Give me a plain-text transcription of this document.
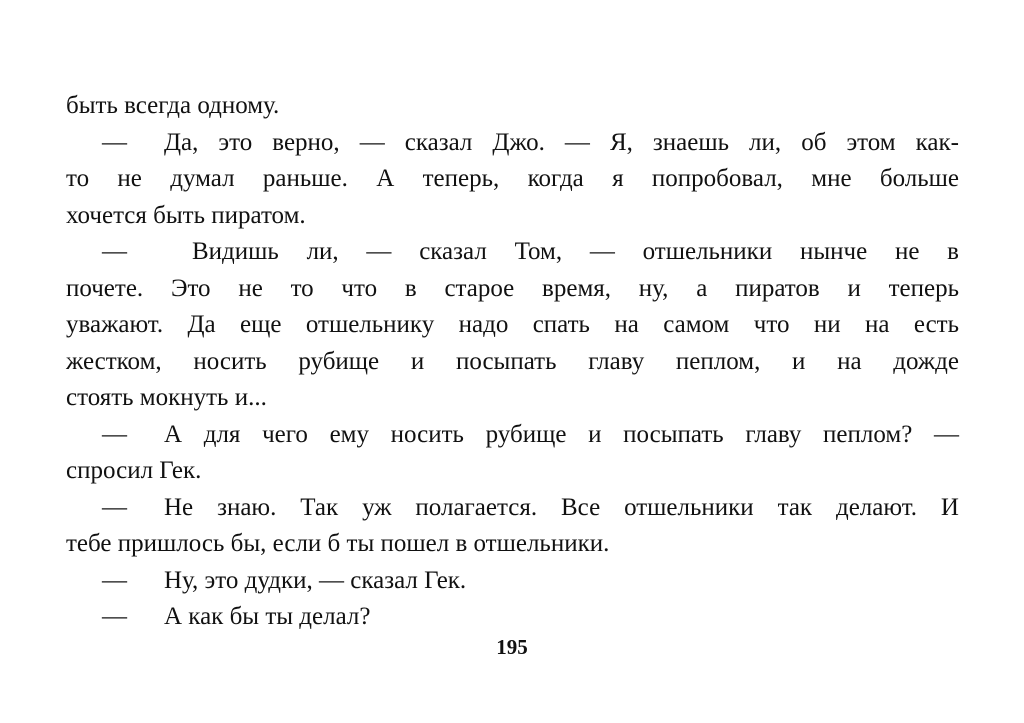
быть всегда одному.
—	Да, это верно, — сказал Джо. — Я, знаешь ли, об этом как-
то не думал раньше. А теперь, когда я попробовал, мне больше
хочется быть пиратом.
—	Видишь ли, — сказал Том, — отшельники нынче не в
почете. Это не то что в старое время, ну, а пиратов и теперь
уважают. Да еще отшельнику надо спать на самом что ни на есть
жестком, носить рубище и посыпать главу пеплом, и на дожде
стоять мокнуть и...
—	А для чего ему носить рубище и посыпать главу пеплом? —
спросил Гек.
—	Не знаю. Так уж полагается. Все отшельники так делают. И
тебе пришлось бы, если б ты пошел в отшельники.
—	Ну, это дудки, — сказал Гек.
—	А как бы ты делал?
195
